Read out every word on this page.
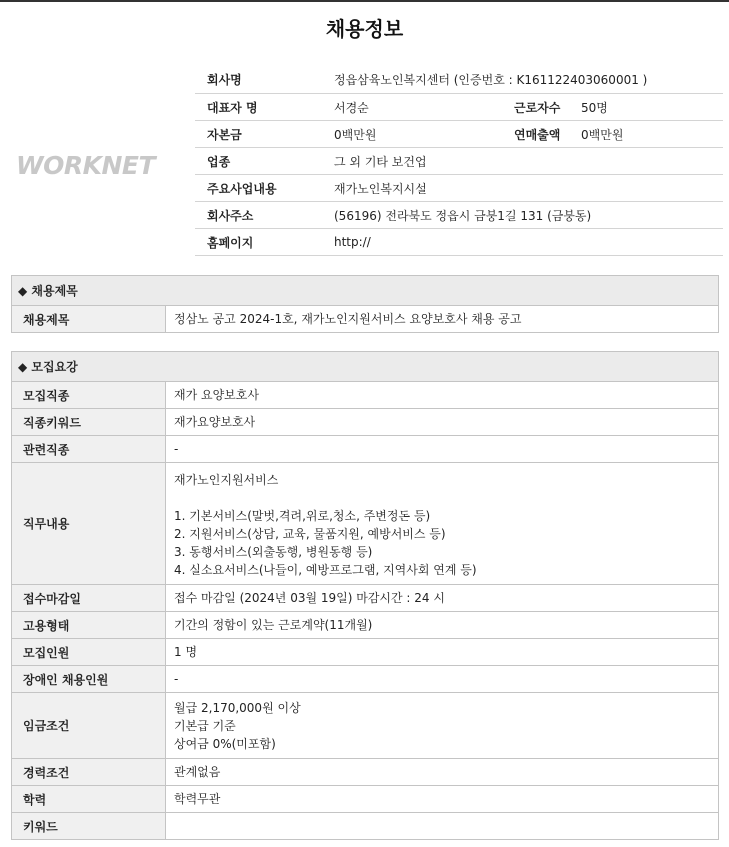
채용정보
WORKNET
회사명	정읍삼육노인복지센터 (인증번호 : K161122403060001 )		
대표자 명	서경순	근로자수	50명
자본금	0백만원	연매출액	0백만원
업종	그 외 기타 보건업		
주요사업내용	재가노인복지시설		
회사주소	(56196) 전라북도 정읍시 금붕1길 131 (금붕동)		
홈페이지	http://		
◆ 채용제목
채용제목	정삼노 공고 2024-1호, 재가노인지원서비스 요양보호사 채용 공고
◆ 모집요강	
모집직종	재가 요양보호사
직종키워드	재가요양보호사
관련직종	-
직무내용	재가노인지원서비스

1. 기본서비스(말벗,격려,위로,청소, 주변정돈 등)
2. 지원서비스(상담, 교육, 물품지원, 예방서비스 등)
3. 동행서비스(외출동행, 병원동행 등)
4. 실소요서비스(나들이, 예방프로그램, 지역사회 연계 등)
접수마감일	접수 마감일 (2024년 03월 19일) 마감시간 : 24 시
고용형태	기간의 정함이 있는 근로계약(11개월)
모집인원	1 명
장애인 채용인원	-
임금조건	월급 2,170,000원 이상
기본급 기준
상여금 0%(미포함)
경력조건	관계없음
학력	학력무관
키워드	
